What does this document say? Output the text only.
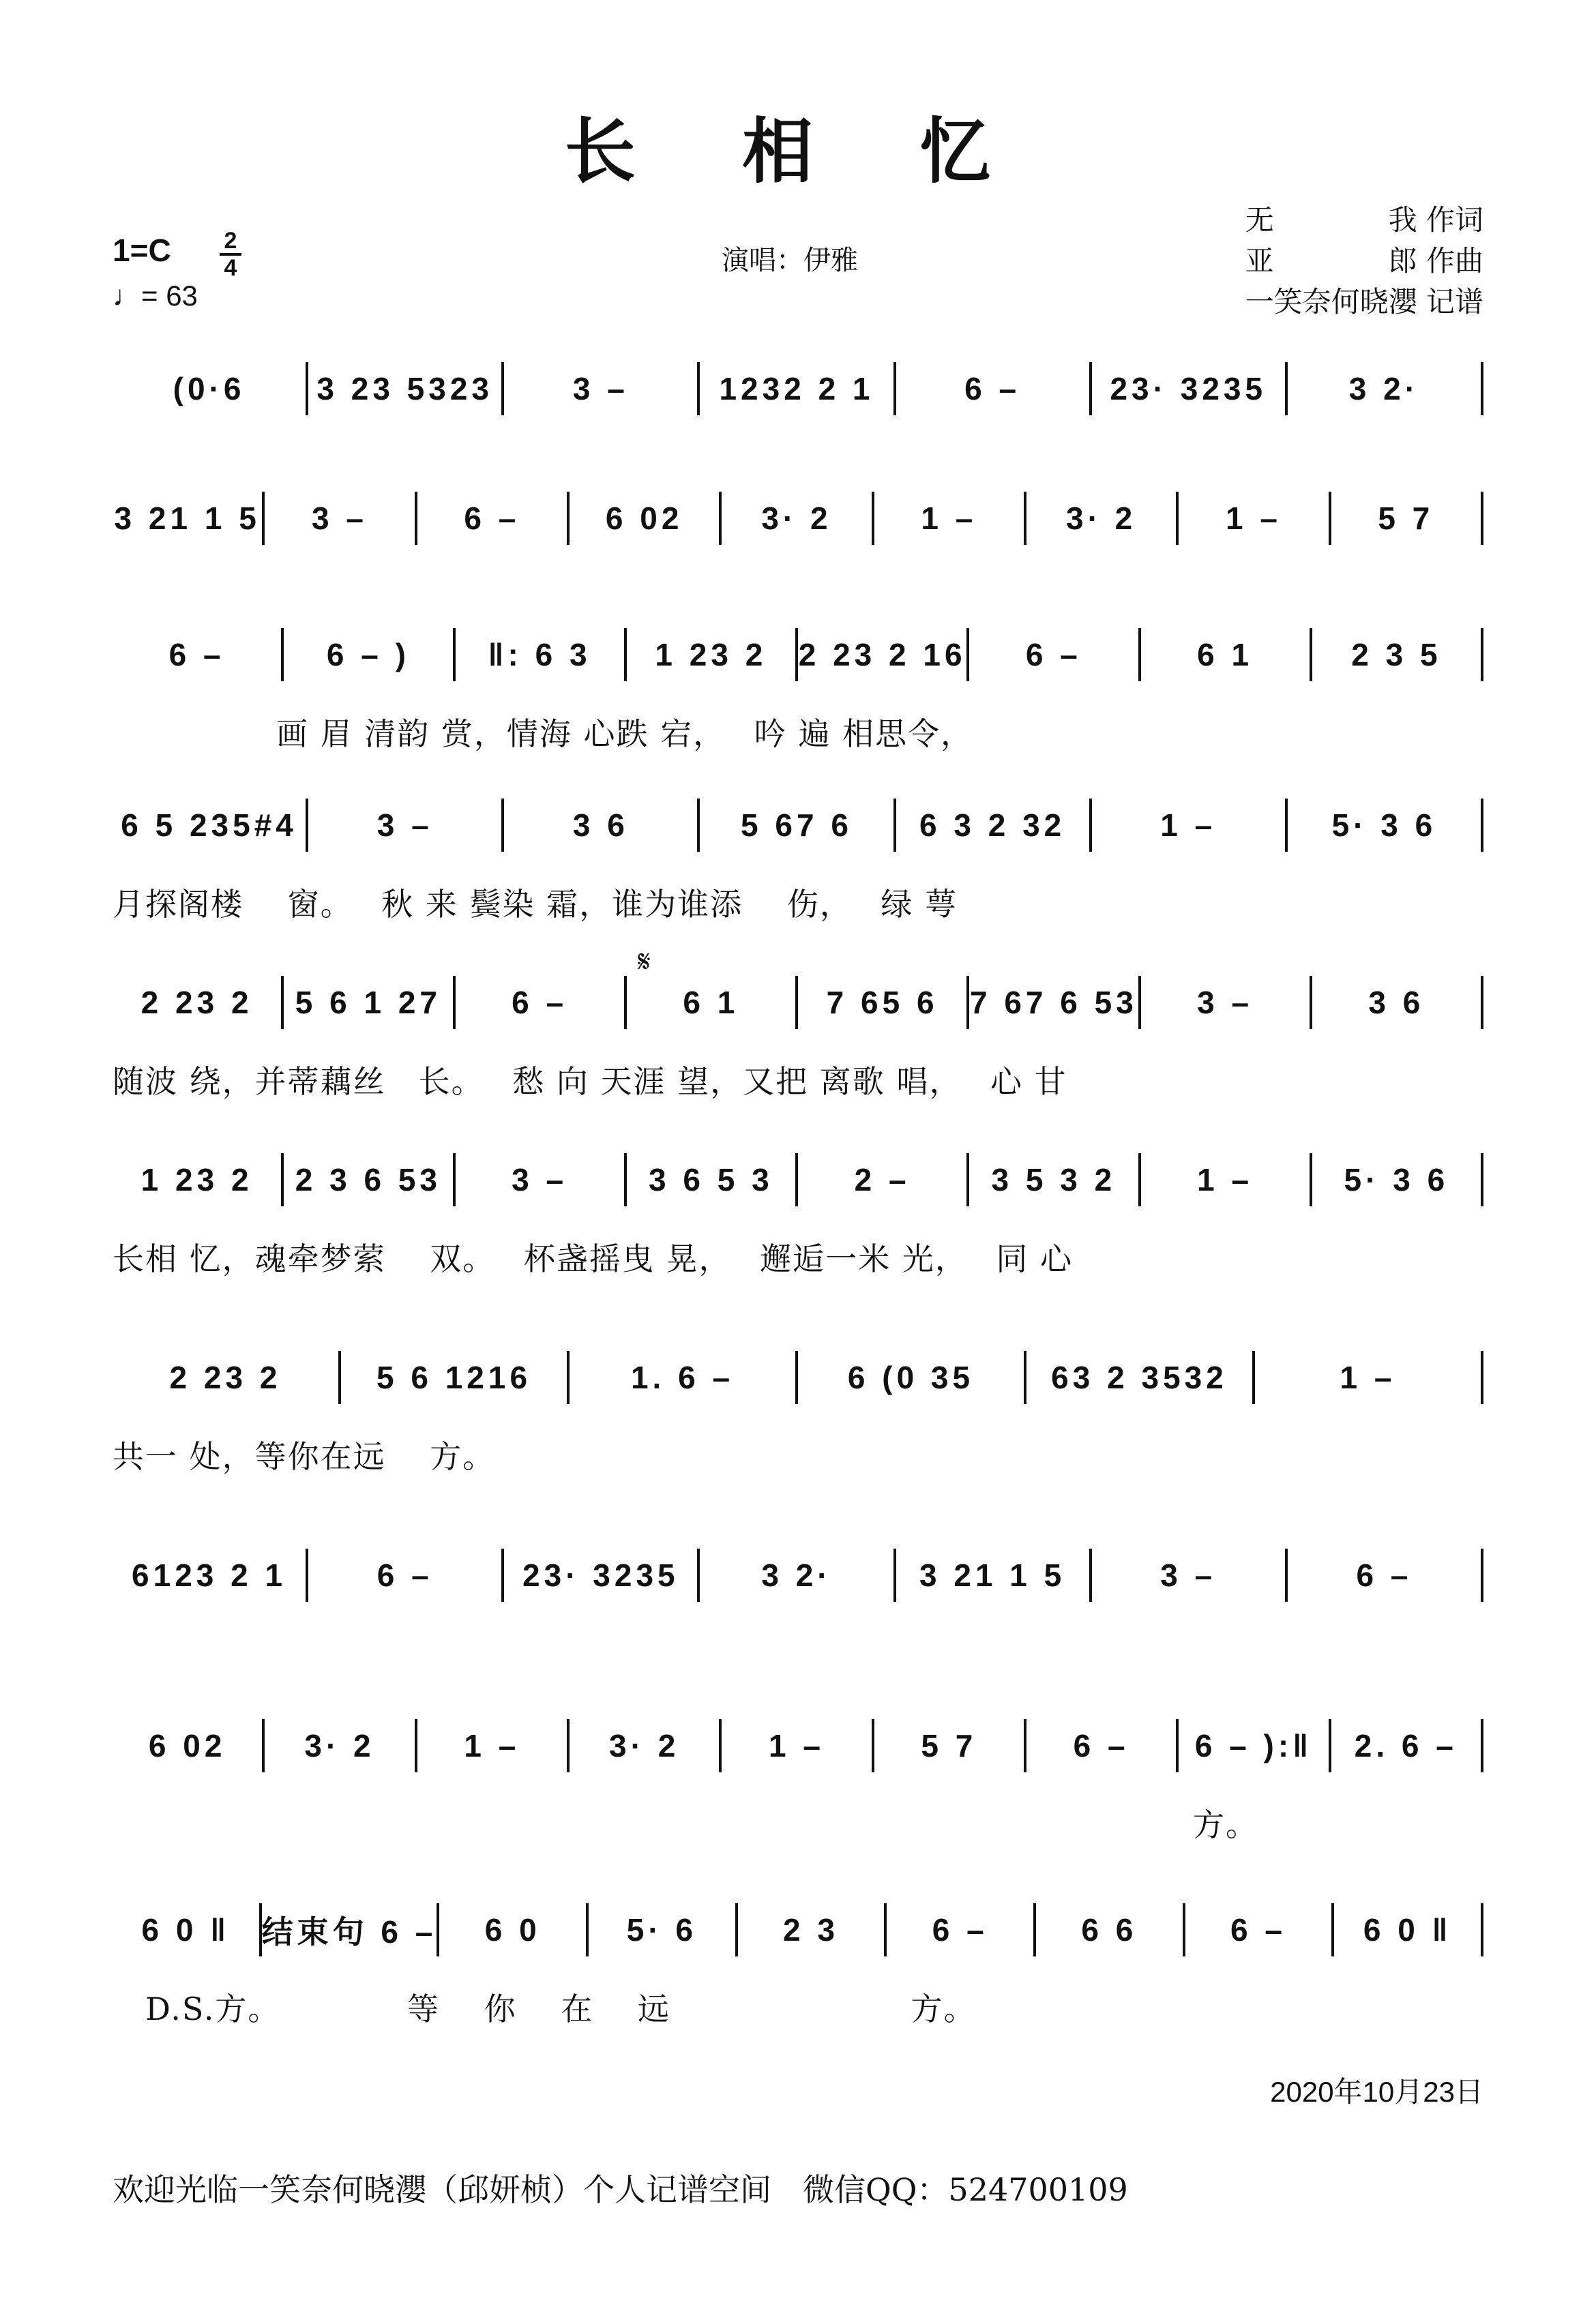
长 相 忆
1=C	2
4
♩= 63
演唱：伊雅
无　　　　我 作词
亚　　　　郎 作曲
一笑奈何晓瀴 记谱
𝄋
(0·6	3 23 5323	3 –	1232 2 1	6 –	23· 3235	3 2·
3 21 1 5	3 –	6 –	6 02	3· 2	1 –	3· 2	1 –	5 7
6 –	6 – )	‖: 6 3	1 23 2	2 23 2 16	6 –	6 1	2 3 5
　　　　　画 眉 清韵 赏，情海 心跌 宕，　 吟 遍 相思令，
6 5 235#4	3 –	3 6	5 67 6	6 3 2 32	1 –	5· 3 6
月探阁楼　 窗。　 秋 来 鬓染 霜，谁为谁添　 伤，　 绿 萼
2 23 2	5 6 1 27	6 –	6 1	7 65 6	7 67 6 53	3 –	3 6
随波 绕，并蒂藕丝　长。　 愁 向 天涯 望，又把 离歌 唱，　 心 甘
1 23 2	2 3 6 53	3 –	3 6 5 3	2 –	3 5 3 2	1 –	5· 3 6
长相 忆，魂牵梦萦　 双。　 杯盏摇曳 晃，　 邂逅一米 光，　 同 心
2 23 2	5 6 1216	1. 6 –	6 (0 35	63 2 3532	1 –
共一 处，等你在远　 方。
6123 2 1	6 –	23· 3235	3 2·	3 21 1 5	3 –	6 –
6 02	3· 2	1 –	3· 2	1 –	5 7	6 –	6 – ):‖	2. 6 –
　　　　　　　　　　　　　　　　　　　　　　　　　　　　　　　　　方。
6 0 ‖	结束句 6 –	6 0	5· 6	2 3	6 –	6 6	6 –	6 0 ‖
　D.S.方。　　　　 等　 你　 在　 远　　　　　　　 方。
2020年10月23日
欢迎光临一笑奈何晓瀴（邱妍桢）个人记谱空间　微信QQ：524700109
